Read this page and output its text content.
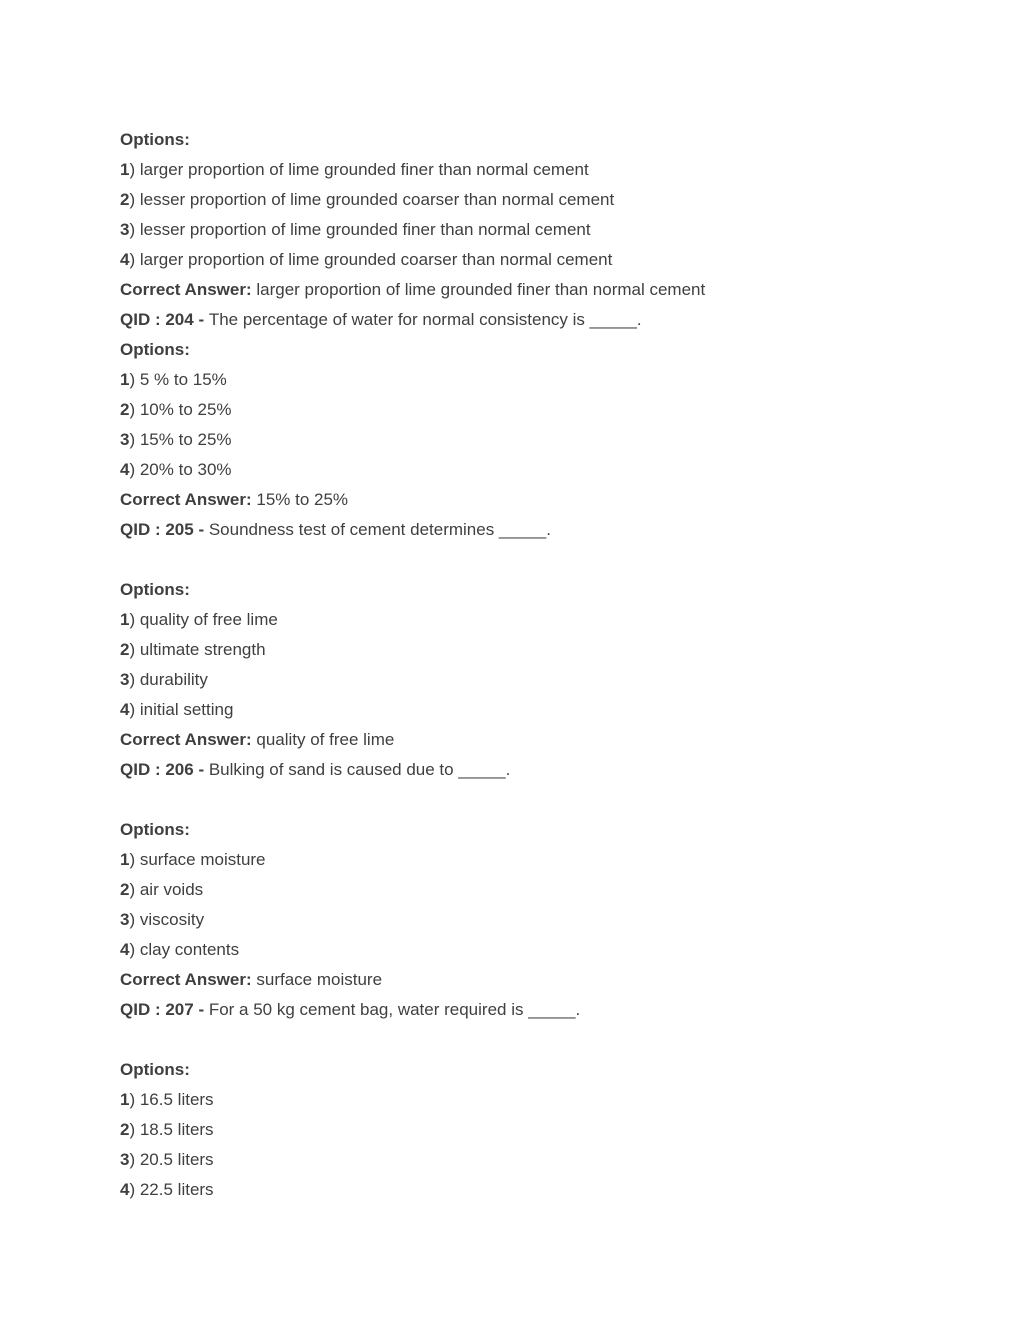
Options:
1) larger proportion of lime grounded finer than normal cement
2) lesser proportion of lime grounded coarser than normal cement
3) lesser proportion of lime grounded finer than normal cement
4) larger proportion of lime grounded coarser than normal cement
Correct Answer: larger proportion of lime grounded finer than normal cement
QID : 204 - The percentage of water for normal consistency is _____.
Options:
1) 5 % to 15%
2) 10% to 25%
3) 15% to 25%
4) 20% to 30%
Correct Answer: 15% to 25%
QID : 205 - Soundness test of cement determines _____.
Options:
1) quality of free lime
2) ultimate strength
3) durability
4) initial setting
Correct Answer: quality of free lime
QID : 206 - Bulking of sand is caused due to _____.
Options:
1) surface moisture
2) air voids
3) viscosity
4) clay contents
Correct Answer: surface moisture
QID : 207 - For a 50 kg cement bag, water required is _____.
Options:
1) 16.5 liters
2) 18.5 liters
3) 20.5 liters
4) 22.5 liters
